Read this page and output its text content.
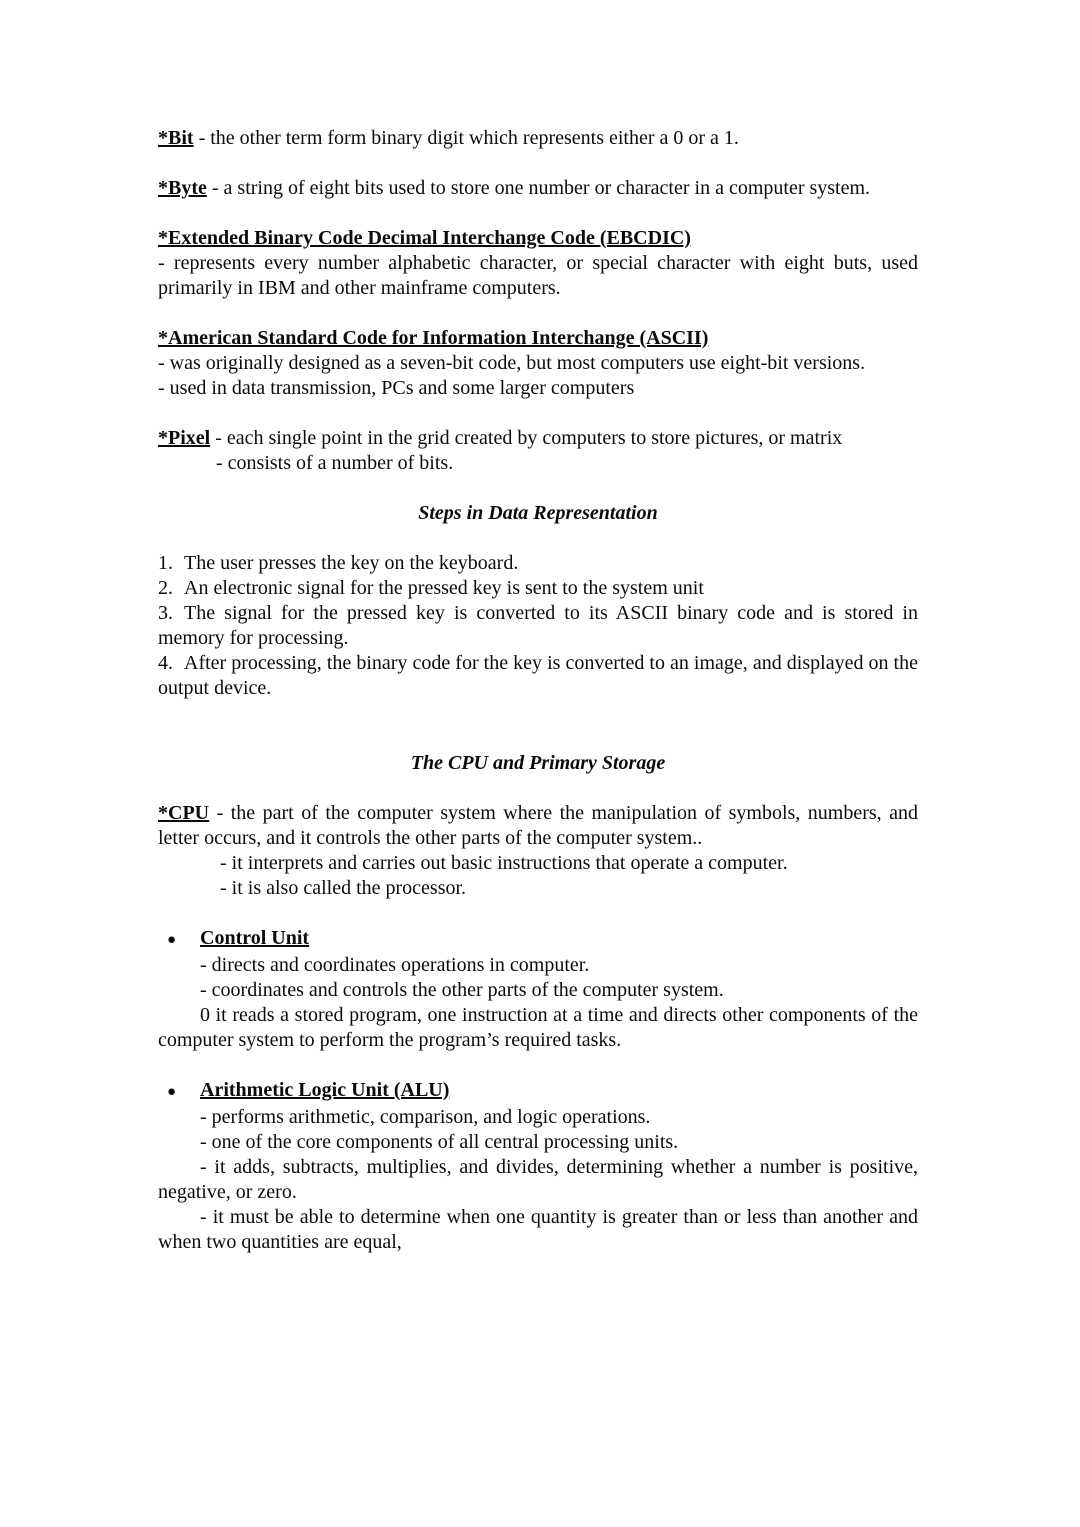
*Bit - the other term form binary digit which represents either a 0 or a 1.

*Byte - a string of eight bits used to store one number or character in a computer system.

*Extended Binary Code Decimal Interchange Code (EBCDIC)

- represents every number alphabetic character, or special character with eight buts, used primarily in IBM and other mainframe computers.

*American Standard Code for Information Interchange (ASCII)

- was originally designed as a seven-bit code, but most computers use eight-bit versions.

- used in data transmission, PCs and some larger computers

*Pixel - each single point in the grid created by computers to store pictures, or matrix

- consists of a number of bits.

Steps in Data Representation

1. The user presses the key on the keyboard.

2. An electronic signal for the pressed key is sent to the system unit

3. The signal for the pressed key is converted to its ASCII binary code and is stored in memory for processing.

4. After processing, the binary code for the key is converted to an image, and displayed on the output device.

The CPU and Primary Storage

*CPU - the part of the computer system where the manipulation of symbols, numbers, and letter occurs, and it controls the other parts of the computer system..

- it interprets and carries out basic instructions that operate a computer.

- it is also called the processor.

●	Control Unit

- directs and coordinates operations in computer.

- coordinates and controls the other parts of the computer system.

0 it reads a stored program, one instruction at a time and directs other components of the computer system to perform the program’s required tasks.

●	Arithmetic Logic Unit (ALU)

- performs arithmetic, comparison, and logic operations.

- one of the core components of all central processing units.

- it adds, subtracts, multiplies, and divides, determining whether a number is positive, negative, or zero.

- it must be able to determine when one quantity is greater than or less than another and when two quantities are equal,
